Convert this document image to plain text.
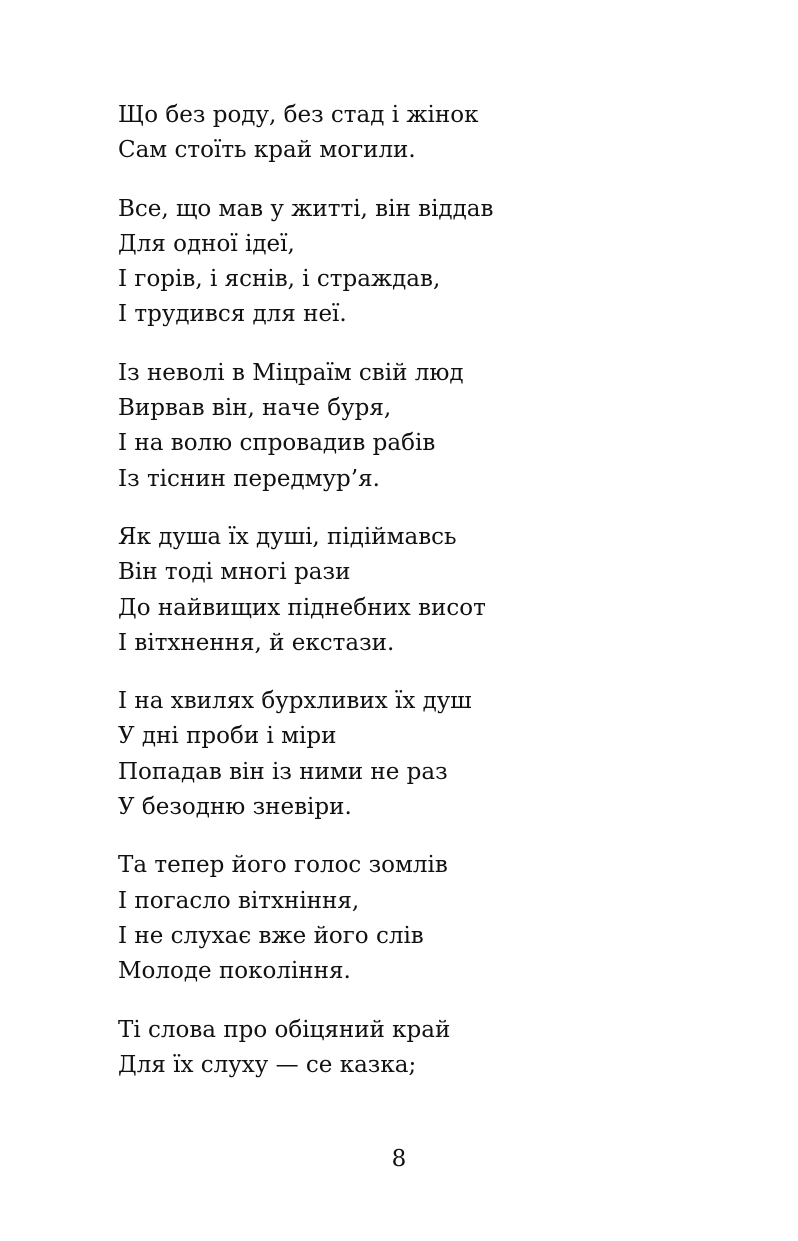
Що без роду, без стад і жінок
Сам стоїть край могили.
Все, що мав у житті, він віддав
Для одної ідеї,
І горів, і яснів, і страждав,
І трудився для неї.
Із неволі в Міцраїм свій люд
Вирвав він, наче буря,
І на волю спровадив рабів
Із тіснин передмур’я.
Як душа їх душі, підіймавсь
Він тоді многі рази
До найвищих піднебних висот
І вітхнення, й екстази.
І на хвилях бурхливих їх душ
У дні проби і міри
Попадав він із ними не раз
У безодню зневіри.
Та тепер його голос зомлів
І погасло вітхніння,
І не слухає вже його слів
Молоде покоління.
Ті слова про обіцяний край
Для їх слуху — се казка;
8
